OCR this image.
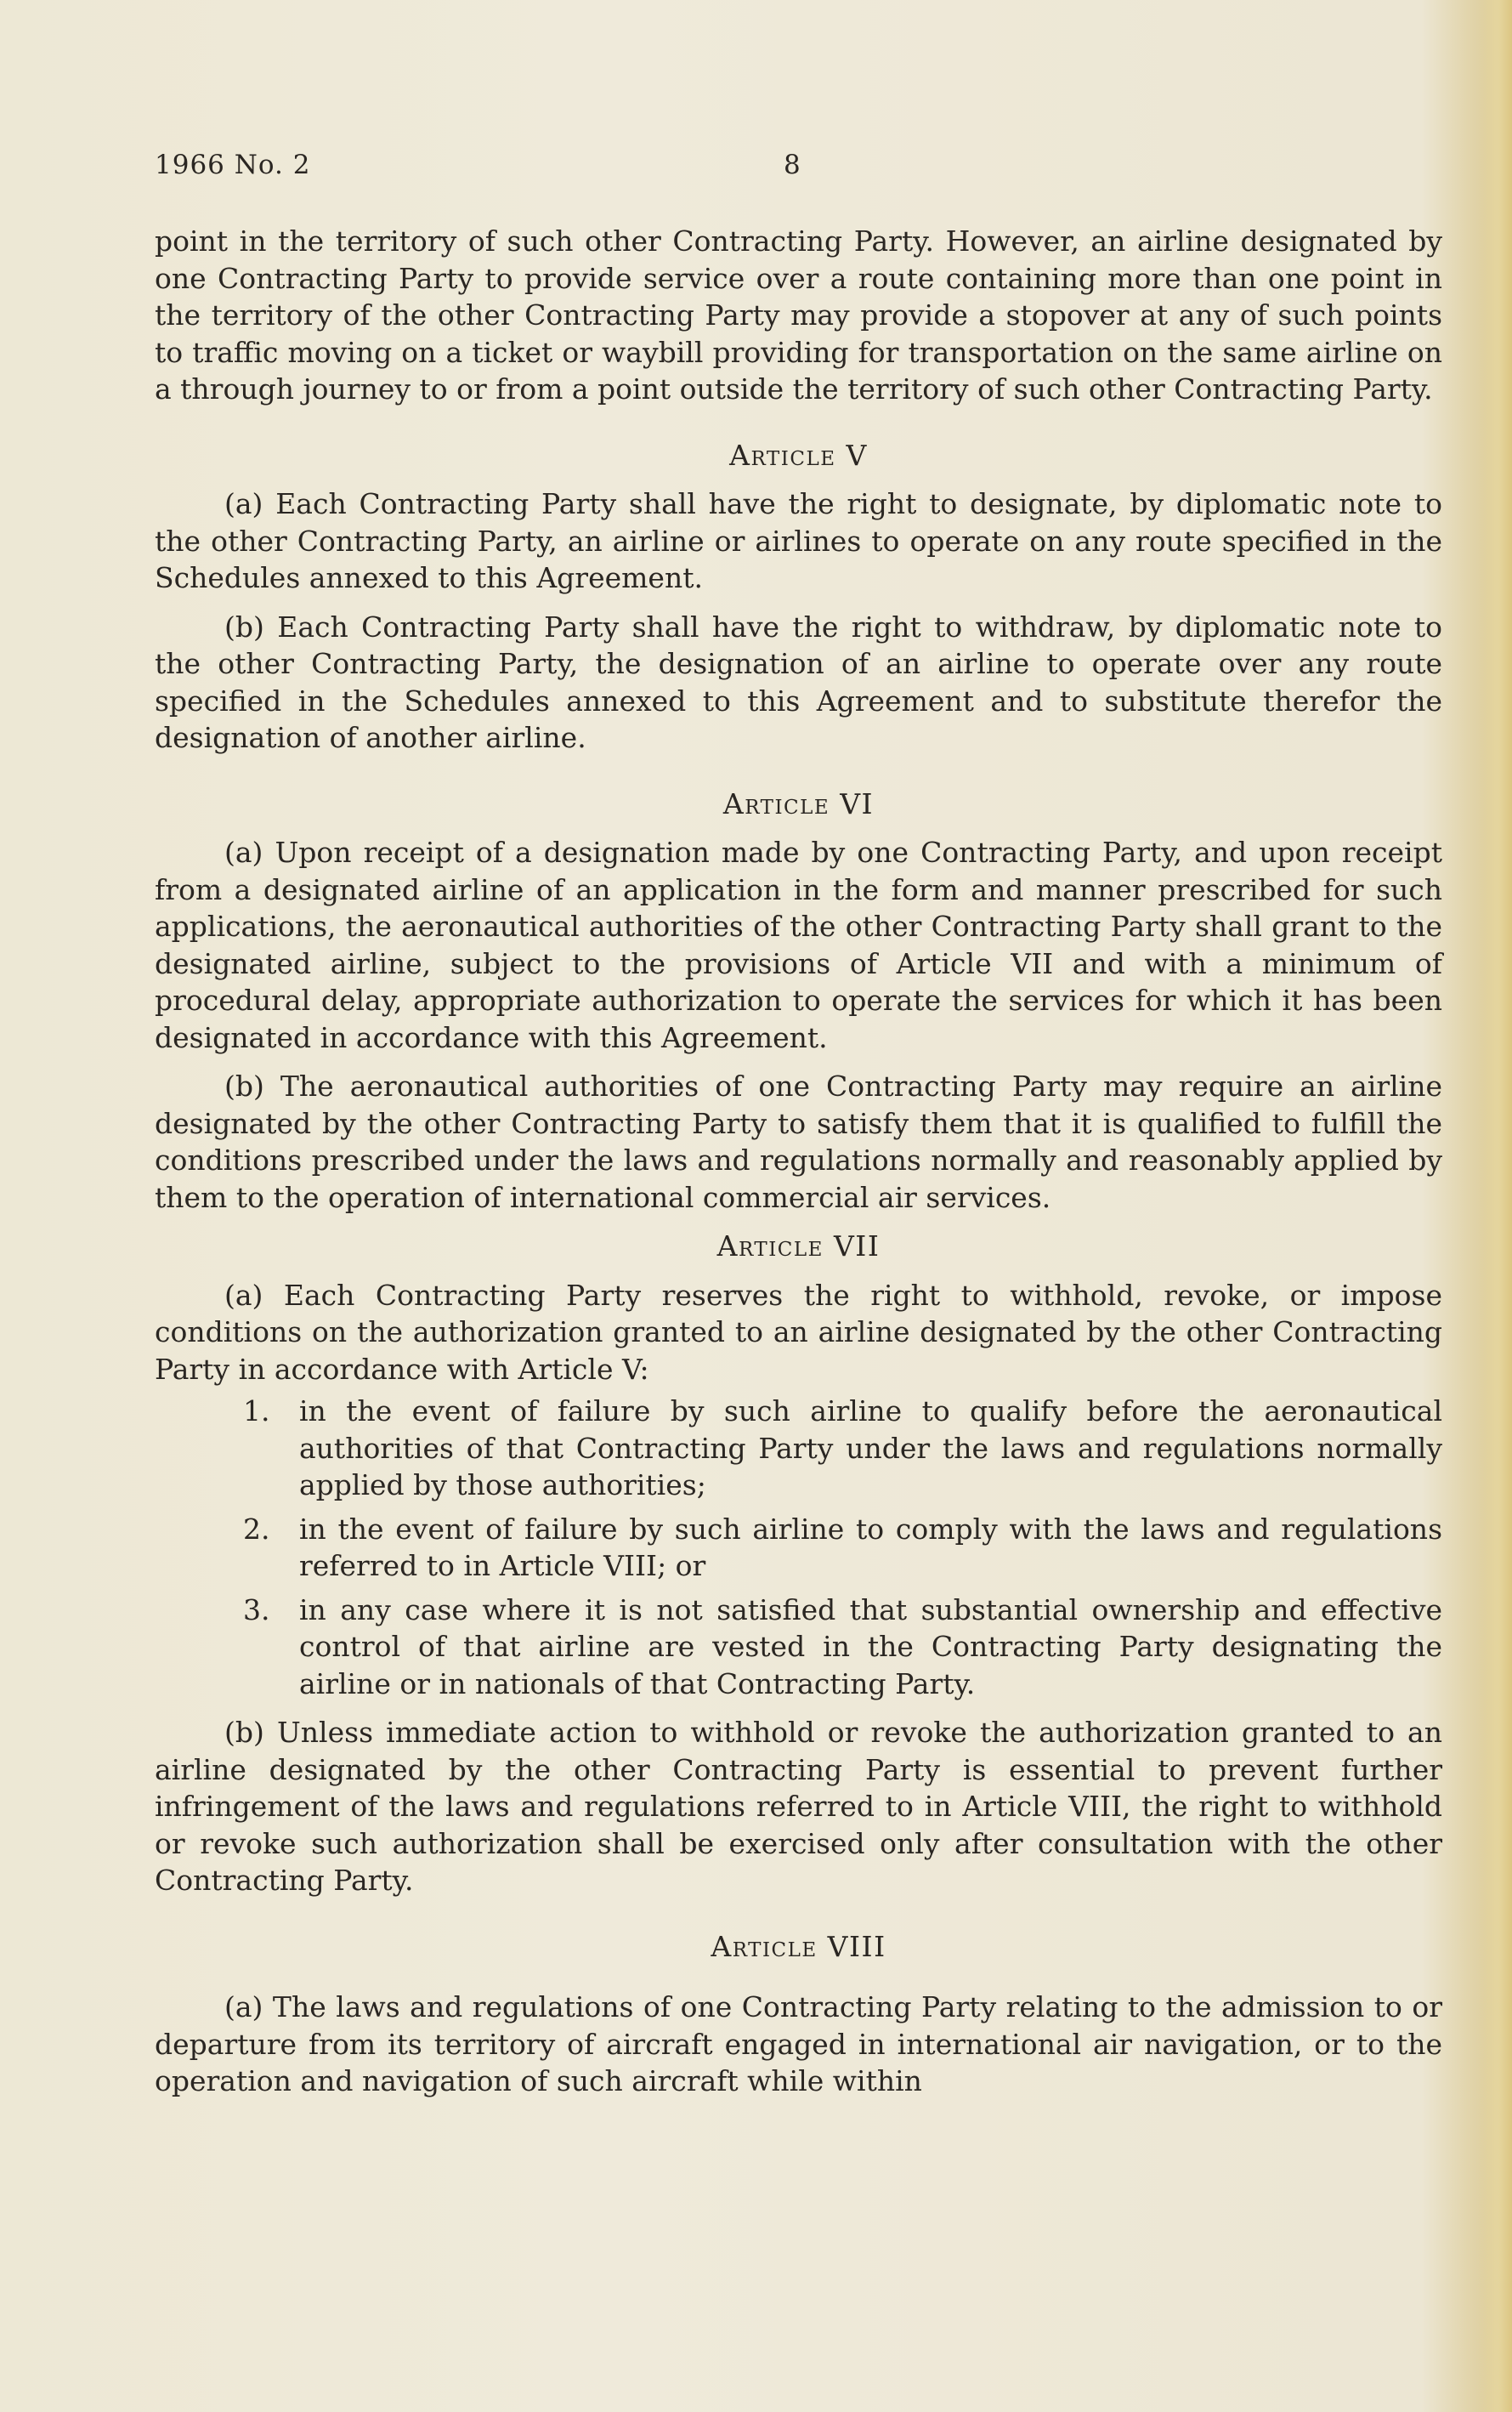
1966 No. 2	8

point in the territory of such other Contracting Party. However, an airline designated by one Contracting Party to provide service over a route containing more than one point in the territory of the other Contracting Party may provide a stopover at any of such points to traffic moving on a ticket or waybill providing for transportation on the same airline on a through journey to or from a point outside the territory of such other Contracting Party.

Article V

(a) Each Contracting Party shall have the right to designate, by diplomatic note to the other Contracting Party, an airline or airlines to operate on any route specified in the Schedules annexed to this Agreement.

(b) Each Contracting Party shall have the right to withdraw, by diplomatic note to the other Contracting Party, the designation of an airline to operate over any route specified in the Schedules annexed to this Agreement and to substitute therefor the designation of another airline.

Article VI

(a) Upon receipt of a designation made by one Contracting Party, and upon receipt from a designated airline of an application in the form and manner prescribed for such applications, the aeronautical authorities of the other Contracting Party shall grant to the designated airline, subject to the provisions of Article VII and with a minimum of procedural delay, appropriate authorization to operate the services for which it has been designated in accordance with this Agreement.

(b) The aeronautical authorities of one Contracting Party may require an airline designated by the other Contracting Party to satisfy them that it is qualified to fulfill the conditions prescribed under the laws and regulations normally and reasonably applied by them to the operation of international commercial air services.

Article VII

(a) Each Contracting Party reserves the right to withhold, revoke, or impose conditions on the authorization granted to an airline designated by the other Contracting Party in accordance with Article V:

1. in the event of failure by such airline to qualify before the aeronautical authorities of that Contracting Party under the laws and regulations normally applied by those authorities;
2. in the event of failure by such airline to comply with the laws and regulations referred to in Article VIII; or
3. in any case where it is not satisfied that substantial ownership and effective control of that airline are vested in the Contracting Party designating the airline or in nationals of that Contracting Party.

(b) Unless immediate action to withhold or revoke the authorization granted to an airline designated by the other Contracting Party is essential to prevent further infringement of the laws and regulations referred to in Article VIII, the right to withhold or revoke such authorization shall be exercised only after consultation with the other Contracting Party.

Article VIII

(a) The laws and regulations of one Contracting Party relating to the admission to or departure from its territory of aircraft engaged in international air navigation, or to the operation and navigation of such aircraft while within
